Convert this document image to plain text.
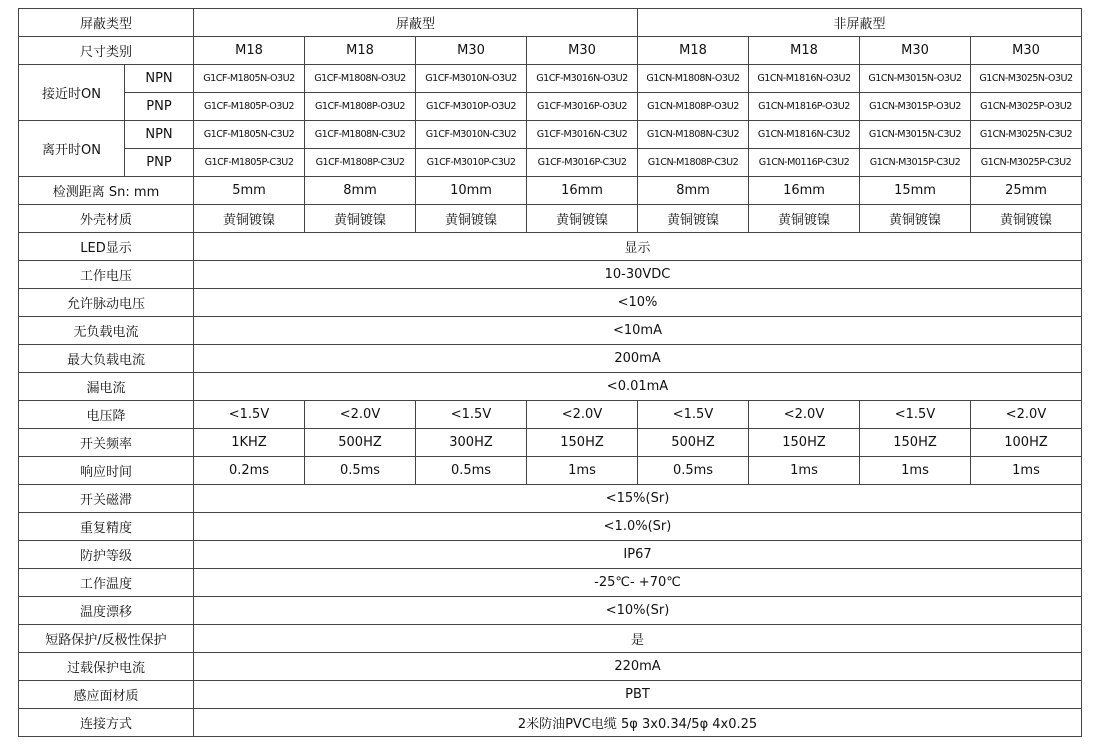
屏蔽类型		屏蔽型				非屏蔽型			
尺寸类别		M18	M18	M30	M30	M18	M18	M30	M30
接近时ON	NPN	G1CF-M1805N-O3U2	G1CF-M1808N-O3U2	G1CF-M3010N-O3U2	G1CF-M3016N-O3U2	G1CN-M1808N-O3U2	G1CN-M1816N-O3U2	G1CN-M3015N-O3U2	G1CN-M3025N-O3U2
	PNP	G1CF-M1805P-O3U2	G1CF-M1808P-O3U2	G1CF-M3010P-O3U2	G1CF-M3016P-O3U2	G1CN-M1808P-O3U2	G1CN-M1816P-O3U2	G1CN-M3015P-O3U2	G1CN-M3025P-O3U2
离开时ON	NPN	G1CF-M1805N-C3U2	G1CF-M1808N-C3U2	G1CF-M3010N-C3U2	G1CF-M3016N-C3U2	G1CN-M1808N-C3U2	G1CN-M1816N-C3U2	G1CN-M3015N-C3U2	G1CN-M3025N-C3U2
	PNP	G1CF-M1805P-C3U2	G1CF-M1808P-C3U2	G1CF-M3010P-C3U2	G1CF-M3016P-C3U2	G1CN-M1808P-C3U2	G1CN-M0116P-C3U2	G1CN-M3015P-C3U2	G1CN-M3025P-C3U2
检测距离 Sn: mm		5mm	8mm	10mm	16mm	8mm	16mm	15mm	25mm
外壳材质		黄铜镀镍	黄铜镀镍	黄铜镀镍	黄铜镀镍	黄铜镀镍	黄铜镀镍	黄铜镀镍	黄铜镀镍
LED显示		显示							
工作电压		10-30VDC							
允许脉动电压		<10%							
无负载电流		<10mA							
最大负载电流		200mA							
漏电流		<0.01mA							
电压降		<1.5V	<2.0V	<1.5V	<2.0V	<1.5V	<2.0V	<1.5V	<2.0V
开关频率		1KHZ	500HZ	300HZ	150HZ	500HZ	150HZ	150HZ	100HZ
响应时间		0.2ms	0.5ms	0.5ms	1ms	0.5ms	1ms	1ms	1ms
开关磁滞		<15%(Sr)							
重复精度		<1.0%(Sr)							
防护等级		IP67							
工作温度		-25℃- +70℃							
温度漂移		<10%(Sr)							
短路保护/反极性保护		是							
过载保护电流		220mA							
感应面材质		PBT							
连接方式		2米防油PVC电缆 5φ 3x0.34/5φ 4x0.25							
